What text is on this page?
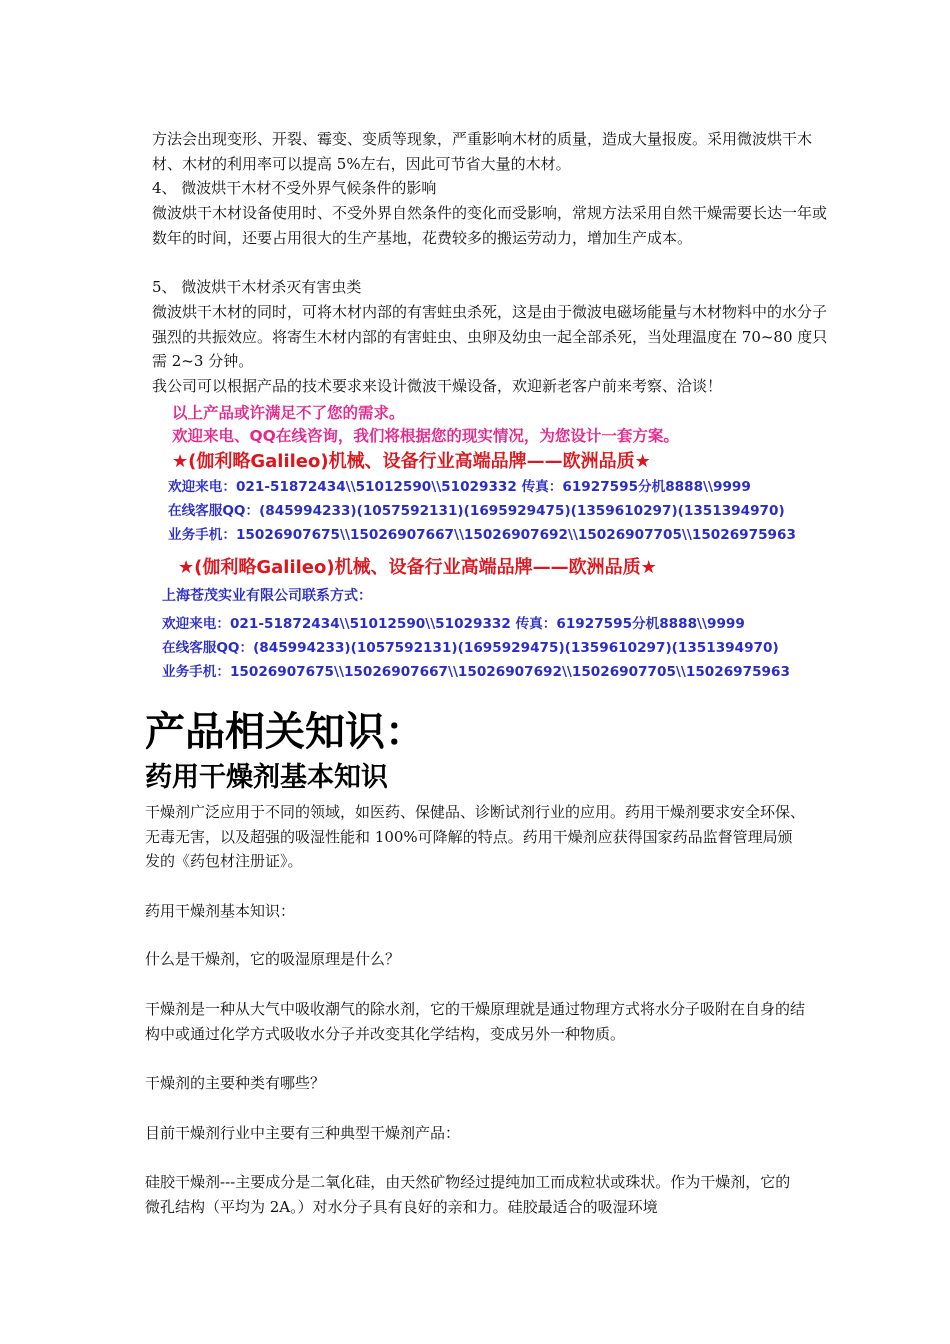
方法会出现变形、开裂、霉变、变质等现象，严重影响木材的质量，造成大量报废。采用微波烘干木材、木材的利用率可以提高 5%左右，因此可节省大量的木材。

4、 微波烘干木材不受外界气候条件的影响

微波烘干木材设备使用时、不受外界自然条件的变化而受影响，常规方法采用自然干燥需要长达一年或数年的时间，还要占用很大的生产基地，花费较多的搬运劳动力，增加生产成本。

5、 微波烘干木材杀灭有害虫类

微波烘干木材的同时，可将木材内部的有害蛀虫杀死，这是由于微波电磁场能量与木材物料中的水分子强烈的共振效应。将寄生木材内部的有害蛀虫、虫卵及幼虫一起全部杀死，当处理温度在 70~80 度只需 2~3 分钟。

我公司可以根据产品的技术要求来设计微波干燥设备，欢迎新老客户前来考察、洽谈！

以上产品或许满足不了您的需求。
欢迎来电、QQ在线咨询，我们将根据您的现实情况，为您设计一套方案。
★(伽利略Galileo)机械、设备行业高端品牌——欧洲品质★
欢迎来电：021-51872434\\51012590\\51029332 传真：61927595分机8888\\9999
在线客服QQ：(845994233)(1057592131)(1695929475)(1359610297)(1351394970)
业务手机：15026907675\\15026907667\\15026907692\\15026907705\\15026975963
★(伽利略Galileo)机械、设备行业高端品牌——欧洲品质★
上海苍茂实业有限公司联系方式：
欢迎来电：021-51872434\\51012590\\51029332 传真：61927595分机8888\\9999
在线客服QQ：(845994233)(1057592131)(1695929475)(1359610297)(1351394970)
业务手机：15026907675\\15026907667\\15026907692\\15026907705\\15026975963
产品相关知识：
药用干燥剂基本知识

干燥剂广泛应用于不同的领域，如医药、保健品、诊断试剂行业的应用。药用干燥剂要求安全环保、无毒无害，以及超强的吸湿性能和 100%可降解的特点。药用干燥剂应获得国家药品监督管理局颁发的《药包材注册证》。

药用干燥剂基本知识：

什么是干燥剂，它的吸湿原理是什么？

干燥剂是一种从大气中吸收潮气的除水剂，它的干燥原理就是通过物理方式将水分子吸附在自身的结构中或通过化学方式吸收水分子并改变其化学结构，变成另外一种物质。

干燥剂的主要种类有哪些？

目前干燥剂行业中主要有三种典型干燥剂产品：

硅胶干燥剂---主要成分是二氧化硅，由天然矿物经过提纯加工而成粒状或珠状。作为干燥剂，它的微孔结构（平均为 2A。）对水分子具有良好的亲和力。硅胶最适合的吸湿环境
